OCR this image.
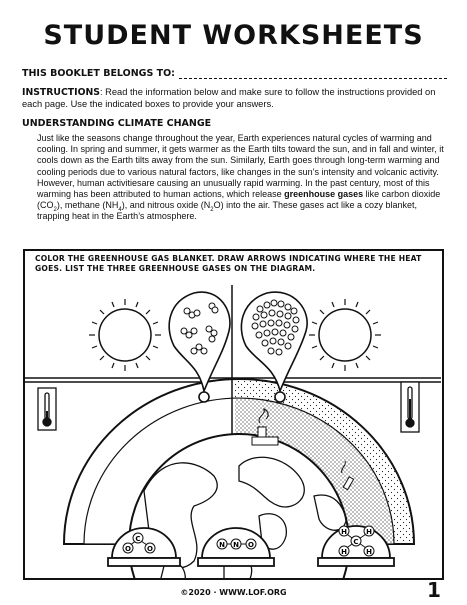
STUDENT WORKSHEETS
THIS BOOKLET BELONGS TO:
INSTRUCTIONS: Read the information below and make sure to follow the instructions provided on each page. Use the indicated boxes to provide your answers.
UNDERSTANDING CLIMATE CHANGE
Just like the seasons change throughout the year, Earth experiences natural cycles of warming and cooling. In spring and summer, it gets warmer as the Earth tilts toward the sun, and in fall and winter, it cools down as the Earth tilts away from the sun. Similarly, Earth goes through long-term warming and cooling periods due to various natural factors, like changes in the sun’s intensity and volcanic activity. However, human activitiesare causing an unusually rapid warming. In the past century, most of this warming has been attributed to human actions, which release greenhouse gases like carbon dioxide $(CO_2)$, methane $(NH_4)$, and nitrous oxide $(N_2O)$ into the air. These gases act like a cozy blanket, trapping heat in the Earth’s atmosphere.
COLOR THE GREENHOUSE GAS BLANKET. DRAW ARROWS INDICATING WHERE THE HEAT GOES. LIST THE THREE GREENHOUSE GASES ON THE DIAGRAM.
O
C
O	N N O
H	H
C
H	H
©2020 · WWW.LOF.ORG	1
